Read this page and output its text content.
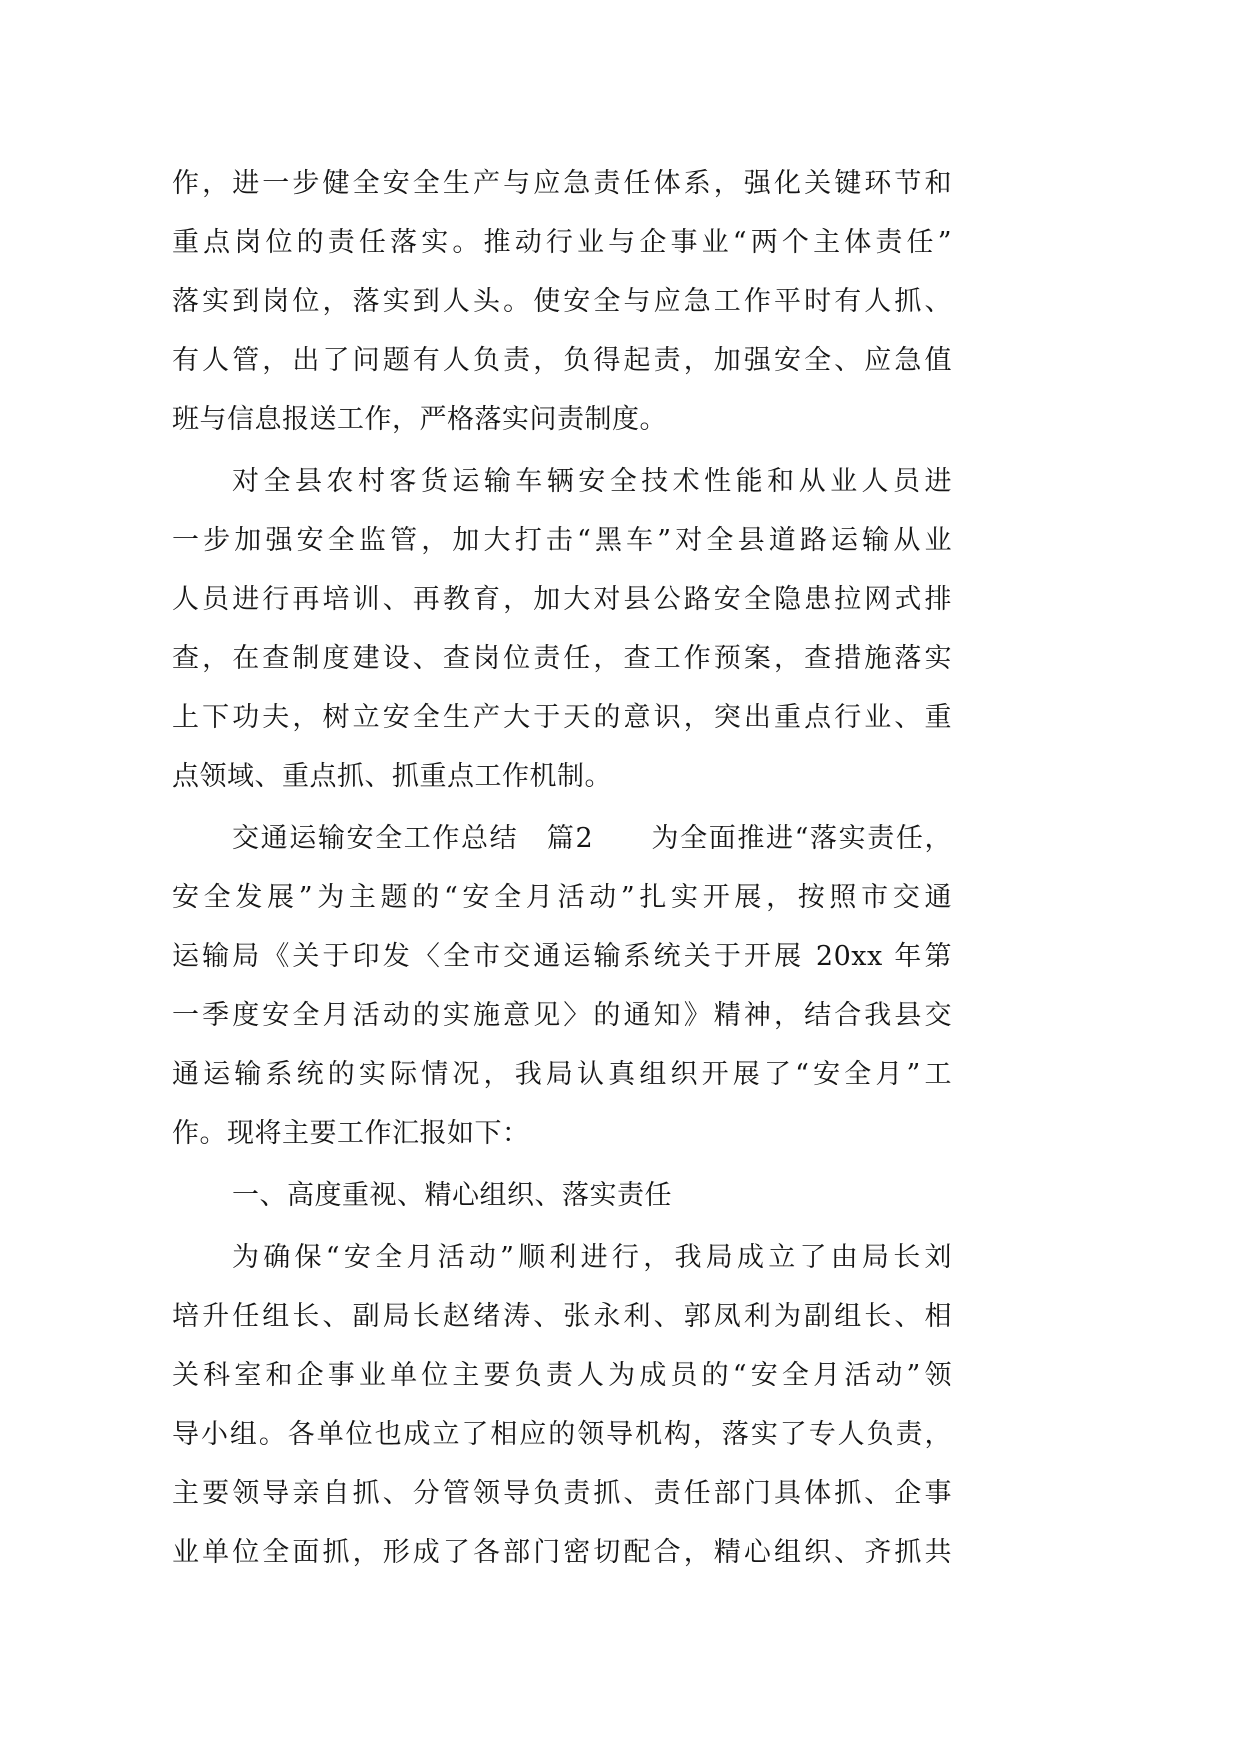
作，进一步健全安全生产与应急责任体系，强化关键环节和
重点岗位的责任落实。推动行业与企事业“两个主体责任”
落实到岗位，落实到人头。使安全与应急工作平时有人抓、
有人管，出了问题有人负责，负得起责，加强安全、应急值
班与信息报送工作，严格落实问责制度。
对全县农村客货运输车辆安全技术性能和从业人员进
一步加强安全监管，加大打击“黑车”对全县道路运输从业
人员进行再培训、再教育，加大对县公路安全隐患拉网式排
查，在查制度建设、查岗位责任，查工作预案，查措施落实
上下功夫，树立安全生产大于天的意识，突出重点行业、重
点领域、重点抓、抓重点工作机制。
交通运输安全工作总结　篇2　　为全面推进“落实责任，
安全发展”为主题的“安全月活动”扎实开展，按照市交通
运输局《关于印发〈全市交通运输系统关于开展 20xx 年第
一季度安全月活动的实施意见〉的通知》精神，结合我县交
通运输系统的实际情况，我局认真组织开展了“安全月”工
作。现将主要工作汇报如下：
一、高度重视、精心组织、落实责任
为确保“安全月活动”顺利进行，我局成立了由局长刘
培升任组长、副局长赵绪涛、张永利、郭凤利为副组长、相
关科室和企事业单位主要负责人为成员的“安全月活动”领
导小组。各单位也成立了相应的领导机构，落实了专人负责，
主要领导亲自抓、分管领导负责抓、责任部门具体抓、企事
业单位全面抓，形成了各部门密切配合，精心组织、齐抓共
